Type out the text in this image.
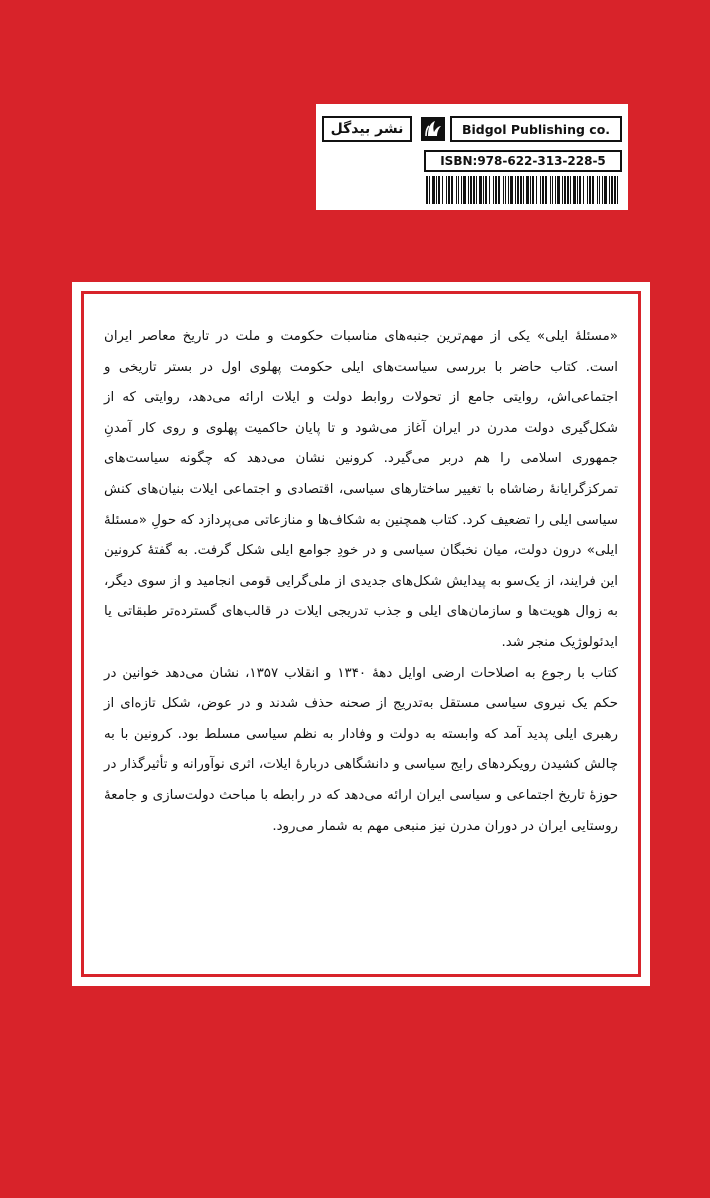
نشر بیدگل	Bidgol Publishing co.
ISBN:978-622-313-228-5

«مسئلهٔ ایلی» یکی از مهم‌ترین جنبه‌های مناسبات حکومت و ملت در تاریخ معاصر ایران است. کتاب حاضر با بررسی سیاست‌های ایلی حکومت پهلوی اول در بستر تاریخی و اجتماعی‌اش، روایتی جامع از تحولات روابط دولت و ایلات ارائه می‌دهد، روایتی که از شکل‌گیری دولت مدرن در ایران آغاز می‌شود و تا پایان حاکمیت پهلوی و روی کار آمدنِ جمهوری اسلامی را هم دربر می‌گیرد. کرونین نشان می‌دهد که چگونه سیاست‌های تمرکزگرایانهٔ رضاشاه با تغییر ساختارهای سیاسی، اقتصادی و اجتماعی ایلات بنیان‌های کنش سیاسی ایلی را تضعیف کرد. کتاب همچنین به شکاف‌ها و منازعاتی می‌پردازد که حولِ «مسئلهٔ ایلی» درون دولت، میان نخبگان سیاسی و در خودِ جوامع ایلی شکل گرفت. به گفتهٔ کرونین این فرایند، از یک‌سو به پیدایش شکل‌های جدیدی از ملی‌گرایی قومی انجامید و از سوی دیگر، به زوال هویت‌ها و سازمان‌های ایلی و جذب تدریجی ایلات در قالب‌های گسترده‌تر طبقاتی یا ایدئولوژیک منجر شد.

کتاب با رجوع به اصلاحات ارضی اوایل دههٔ ۱۳۴۰ و انقلاب ۱۳۵۷، نشان می‌دهد خوانین در حکم یک نیروی سیاسی مستقل به‌تدریج از صحنه حذف شدند و در عوض، شکل تازه‌ای از رهبری ایلی پدید آمد که وابسته به دولت و وفادار به نظم سیاسی مسلط بود. کرونین با به چالش کشیدن رویکردهای رایج سیاسی و دانشگاهی دربارهٔ ایلات، اثری نوآورانه و تأثیرگذار در حوزهٔ تاریخ اجتماعی و سیاسی ایران ارائه می‌دهد که در رابطه با مباحث دولت‌سازی و جامعهٔ روستایی ایران در دوران مدرن نیز منبعی مهم به شمار می‌رود.
